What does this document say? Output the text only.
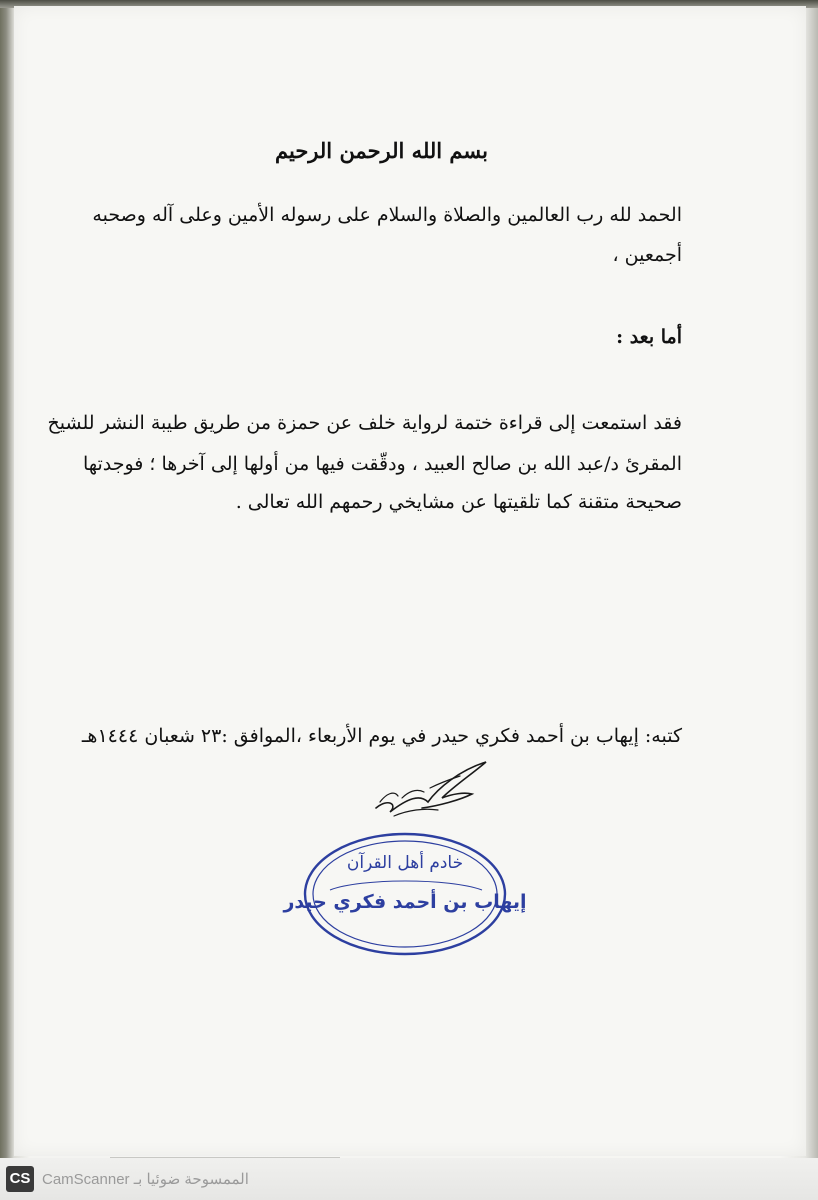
بسم الله الرحمن الرحيم
الحمد لله رب العالمين والصلاة والسلام على رسوله الأمين وعلى آله وصحبه
أجمعين ،
أما بعد :
فقد استمعت إلى قراءة ختمة لرواية خلف عن حمزة من طريق طيبة النشر للشيخ
المقرئ د/عبد الله بن صالح العبيد ، ودقّقت فيها من أولها إلى آخرها ؛ فوجدتها
صحيحة متقنة كما تلقيتها عن مشايخي رحمهم الله تعالى .
كتبه: إيهاب بن أحمد فكري حيدر في يوم الأربعاء ،الموافق :٢٣ شعبان ١٤٤٤هـ
خادم أهل القرآن
إيهاب بن أحمد فكري حيدر
CS الممسوحة ضوئيا بـ CamScanner
